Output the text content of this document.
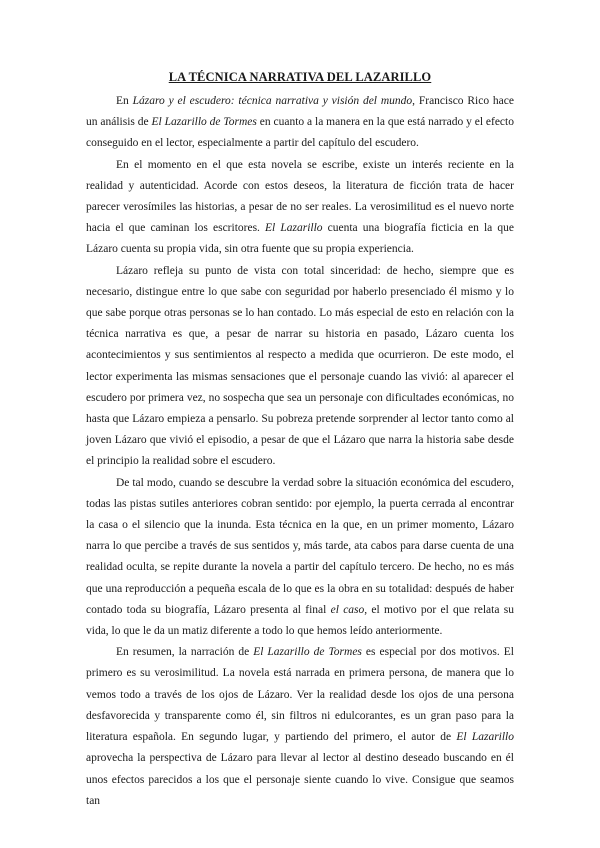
LA TÉCNICA NARRATIVA DEL LAZARILLO

En Lázaro y el escudero: técnica narrativa y visión del mundo, Francisco Rico hace un análisis de El Lazarillo de Tormes en cuanto a la manera en la que está narrado y el efecto conseguido en el lector, especialmente a partir del capítulo del escudero.

En el momento en el que esta novela se escribe, existe un interés reciente en la realidad y autenticidad. Acorde con estos deseos, la literatura de ficción trata de hacer parecer verosímiles las historias, a pesar de no ser reales. La verosimilitud es el nuevo norte hacia el que caminan los escritores. El Lazarillo cuenta una biografía ficticia en la que Lázaro cuenta su propia vida, sin otra fuente que su propia experiencia.

Lázaro refleja su punto de vista con total sinceridad: de hecho, siempre que es necesario, distingue entre lo que sabe con seguridad por haberlo presenciado él mismo y lo que sabe porque otras personas se lo han contado. Lo más especial de esto en relación con la técnica narrativa es que, a pesar de narrar su historia en pasado, Lázaro cuenta los acontecimientos y sus sentimientos al respecto a medida que ocurrieron. De este modo, el lector experimenta las mismas sensaciones que el personaje cuando las vivió: al aparecer el escudero por primera vez, no sospecha que sea un personaje con dificultades económicas, no hasta que Lázaro empieza a pensarlo. Su pobreza pretende sorprender al lector tanto como al joven Lázaro que vivió el episodio, a pesar de que el Lázaro que narra la historia sabe desde el principio la realidad sobre el escudero.

De tal modo, cuando se descubre la verdad sobre la situación económica del escudero, todas las pistas sutiles anteriores cobran sentido: por ejemplo, la puerta cerrada al encontrar la casa o el silencio que la inunda. Esta técnica en la que, en un primer momento, Lázaro narra lo que percibe a través de sus sentidos y, más tarde, ata cabos para darse cuenta de una realidad oculta, se repite durante la novela a partir del capítulo tercero. De hecho, no es más que una reproducción a pequeña escala de lo que es la obra en su totalidad: después de haber contado toda su biografía, Lázaro presenta al final el caso, el motivo por el que relata su vida, lo que le da un matiz diferente a todo lo que hemos leído anteriormente.

En resumen, la narración de El Lazarillo de Tormes es especial por dos motivos. El primero es su verosimilitud. La novela está narrada en primera persona, de manera que lo vemos todo a través de los ojos de Lázaro. Ver la realidad desde los ojos de una persona desfavorecida y transparente como él, sin filtros ni edulcorantes, es un gran paso para la literatura española. En segundo lugar, y partiendo del primero, el autor de El Lazarillo aprovecha la perspectiva de Lázaro para llevar al lector al destino deseado buscando en él unos efectos parecidos a los que el personaje siente cuando lo vive. Consigue que seamos tan
